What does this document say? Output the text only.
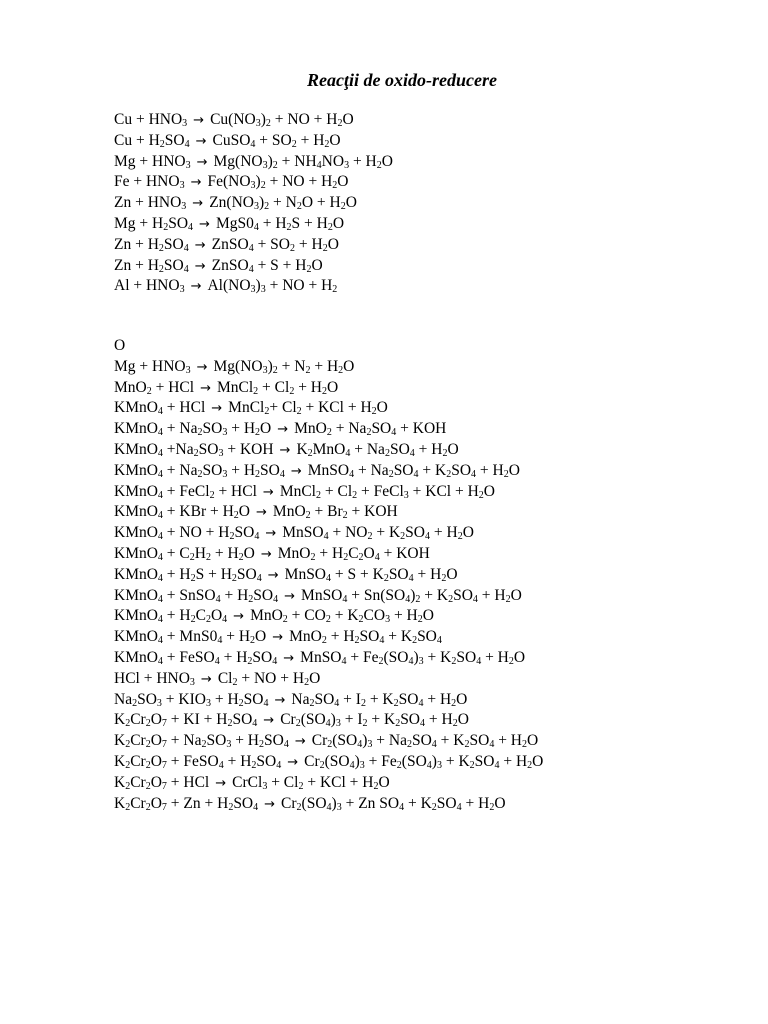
Reacţii de oxido-reducere
$Cu + HNO_3 \to Cu(NO_3)_2$ + NO + $H_2O$
$Cu + H_2SO_4$ → CuSO$_4$ + $SO_2 + H_2O$
$Mg + HNO_3 \to Mg(NO_3)_2 + NH_4NO_3 + H_2O$
$Fe + HNO_3 \to Fe(NO_3)_2$ + NO + $H_2O$
$Zn + HNO_3 \to Zn(NO_3)_2 + N_2O + H_2O$
$Mg + H_2SO_4 \to MgS0_4 + H_2S + H_2O$
$Zn + H_2SO_4$ → ZnSO$_4$ + $SO_2 + H_2O$
$Zn + H_2SO_4$ → ZnSO$_4$ + $S + H_2O$
$Al + HNO_3 \to Al(NO_3)_3$ + NO + $H_2$
O
$Mg + HNO_3 \to Mg(NO_3)_2 + N_2 + H_2O$
MnO$_2$ + HCl → MnCl$_2$ + $Cl_2 + H_2O$
KMnO$_4$ + HCl → MnCl$_2$+ $Cl_2$ + KCl + $H_2O$
KMnO$_4$ + $Na_2SO_3 + H_2O \to MnO_2 + Na_2SO_4$ + KOH
KMnO$_4$ $+Na_2SO_3$ + KOH → $K_2MnO_4 + Na_2SO_4 + H_2O$
KMnO$_4$ + $Na_2SO_3 + H_2SO_4$ → MnSO$_4$ + $Na_2SO_4 + K_2SO_4 + H_2O$
KMnO$_4$ + FeCl$_2$ + HCl → MnCl$_2$ + $Cl_2$ + FeCl$_3$ + KCl + $H_2O$
KMnO$_4$ + KBr + $H_2O \to MnO_2 + Br_2$ + KOH
KMnO$_4$ + NO + $H_2SO_4$ → MnSO$_4$ + $NO_2 + K_2SO_4 + H_2O$
KMnO$_4$ + $C_2H_2 + H_2O \to MnO_2 + H_2C_2O_4$ + KOH
KMnO$_4$ + $H_2S + H_2SO_4$ → MnSO$_4$ + $S + K_2SO_4 + H_2O$
KMnO$_4$ + SnSO$_4$ + $H_2SO_4$ → MnSO$_4$ + $Sn(SO_4)_2 + K_2SO_4 + H_2O$
KMnO$_4$ + $H_2C_2O_4 \to MnO_2 + CO_2 + K_2CO_3 + H_2O$
KMnO$_4$ + $MnS0_4 + H_2O \to MnO_2 + H_2SO_4 + K_2SO_4$
KMnO$_4$ + FeSO$_4$ + $H_2SO_4$ → MnSO$_4$ + $Fe_2(SO_4)_3 + K_2SO_4 + H_2O$
HCl + $HNO_3 \to Cl_2$ + NO + $H_2O$
$Na_2SO_3 + KIO_3 + H_2SO_4 \to Na_2SO_4 + I_2 + K_2SO_4 + H_2O$
$K_2Cr_2O_7$ + KI + $H_2SO_4 \to Cr_2(SO_4)_3 + I_2 + K_2SO_4 + H_2O$
$K_2Cr_2O_7 + Na_2SO_3 + H_2SO_4 \to Cr_2(SO_4)_3 + Na_2SO_4 + K_2SO_4 + H_2O$
$K_2Cr_2O_7$ + FeSO$_4$ + $H_2SO_4 \to Cr_2(SO_4)_3 + Fe_2(SO_4)_3 + K_2SO_4 + H_2O$
$K_2Cr_2O_7$ + HCl → CrCl$_3$ + $Cl_2$ + KCl + $H_2O$
$K_2Cr_2O_7 + Zn + H_2SO_4 \to Cr_2(SO_4)_3 + Zn$ $SO_4 + K_2SO_4 + H_2O$
